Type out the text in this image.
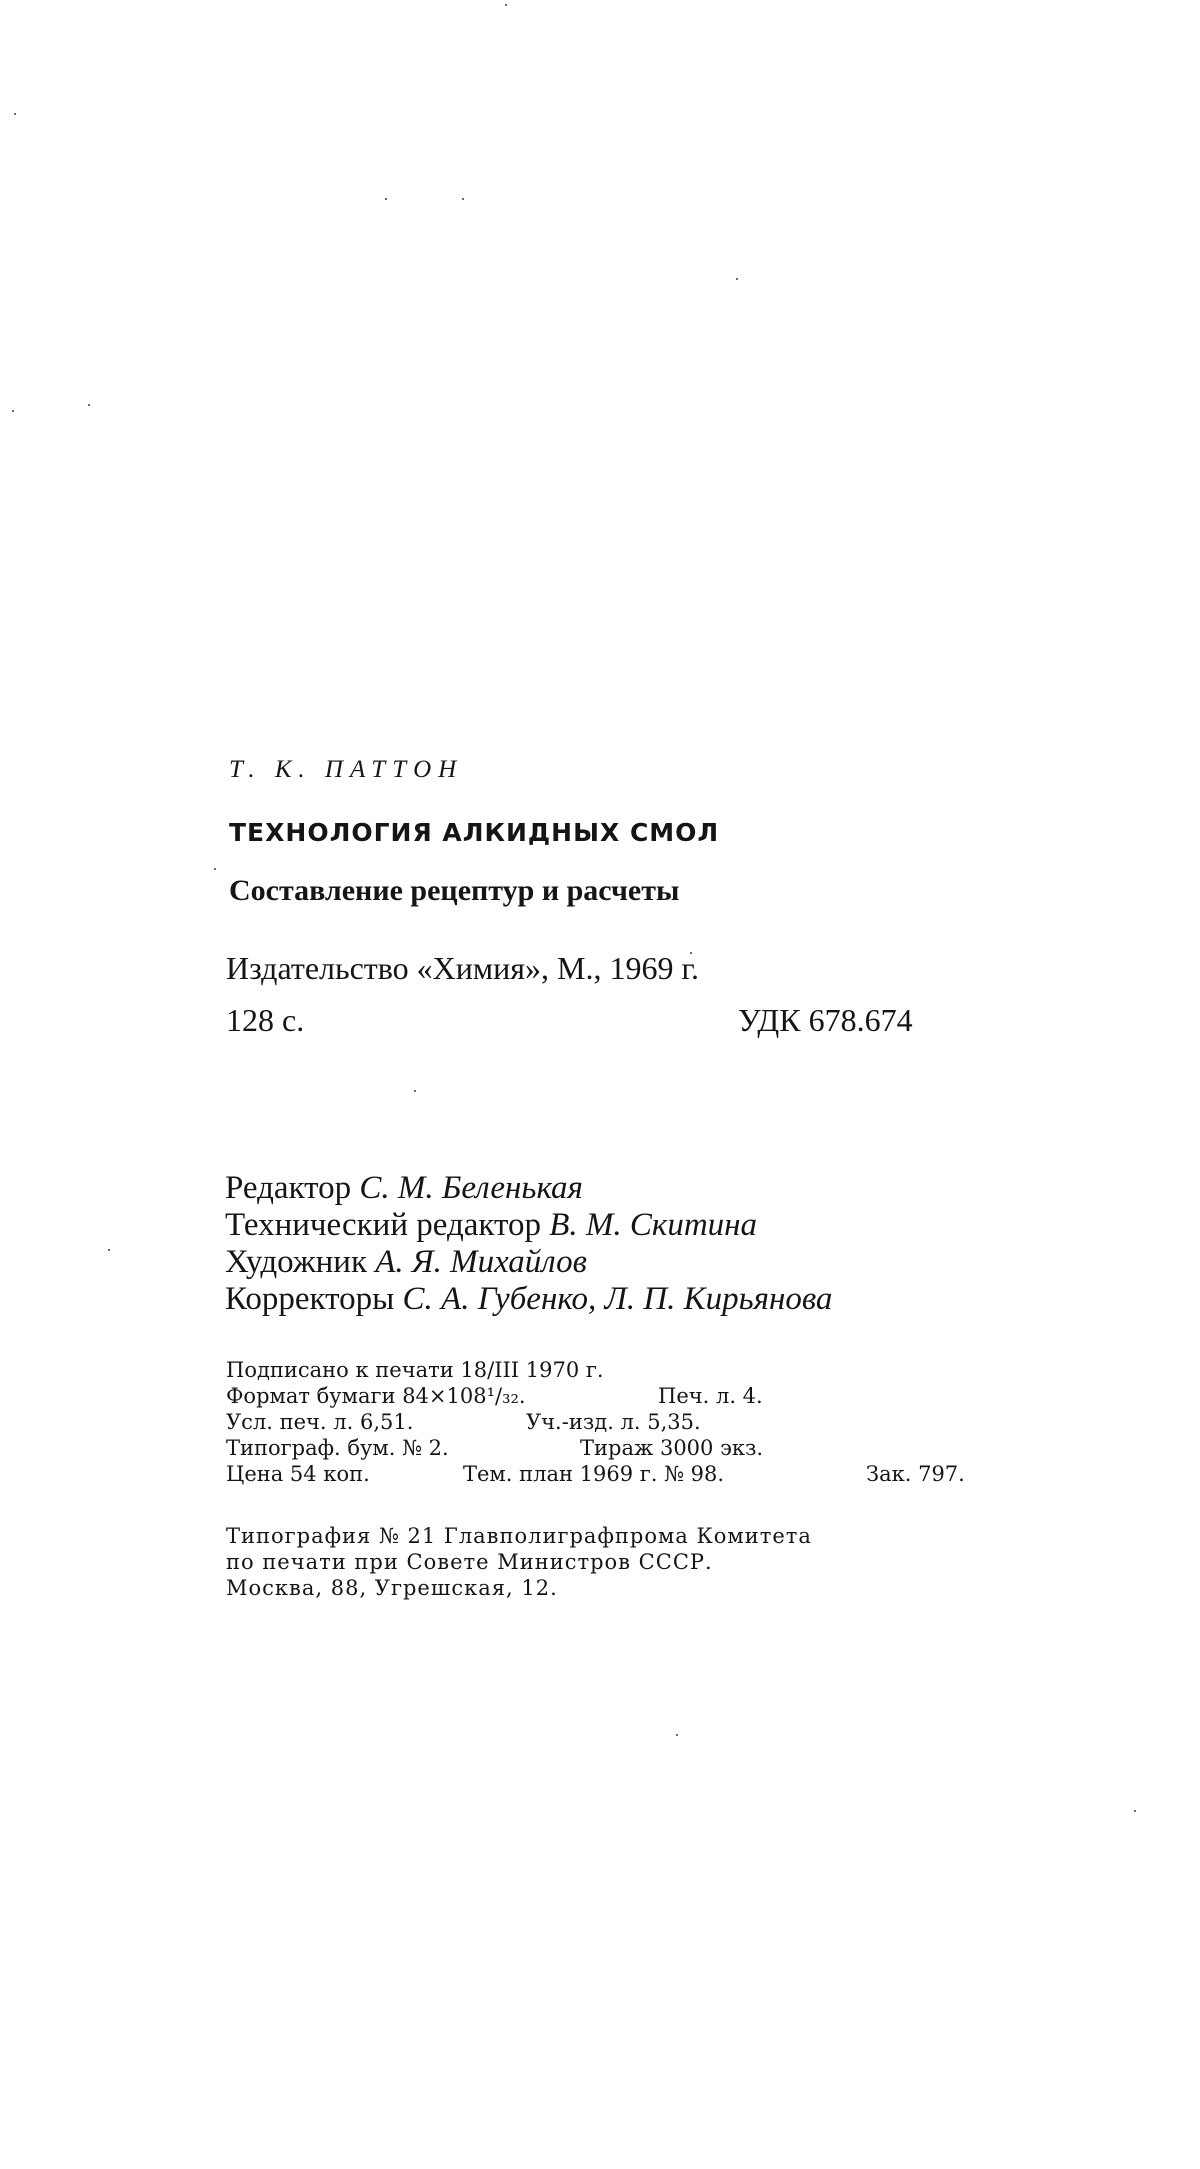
Т. К. ПАТТОН
ТЕХНОЛОГИЯ АЛКИДНЫХ СМОЛ
Составление рецептур и расчеты
Издательство «Химия», М., 1969 г.
128 с.	УДК 678.674
Редактор С. М. Беленькая
Технический редактор В. М. Скитина
Художник А. Я. Михайлов
Корректоры С. А. Губенко, Л. П. Кирьянова
Подписано к печати 18/III 1970 г.
Формат бумаги 84×108¹/₃₂.	Печ. л. 4.
Усл. печ. л. 6,51.	Уч.-изд. л. 5,35.
Типограф. бум. № 2.	Тираж 3000 экз.
Цена 54 коп.	Тем. план 1969 г. № 98.	Зак. 797.
Типография № 21 Главполиграфпрома Комитета
по печати при Совете Министров СССР.
Москва, 88, Угрешская, 12.
